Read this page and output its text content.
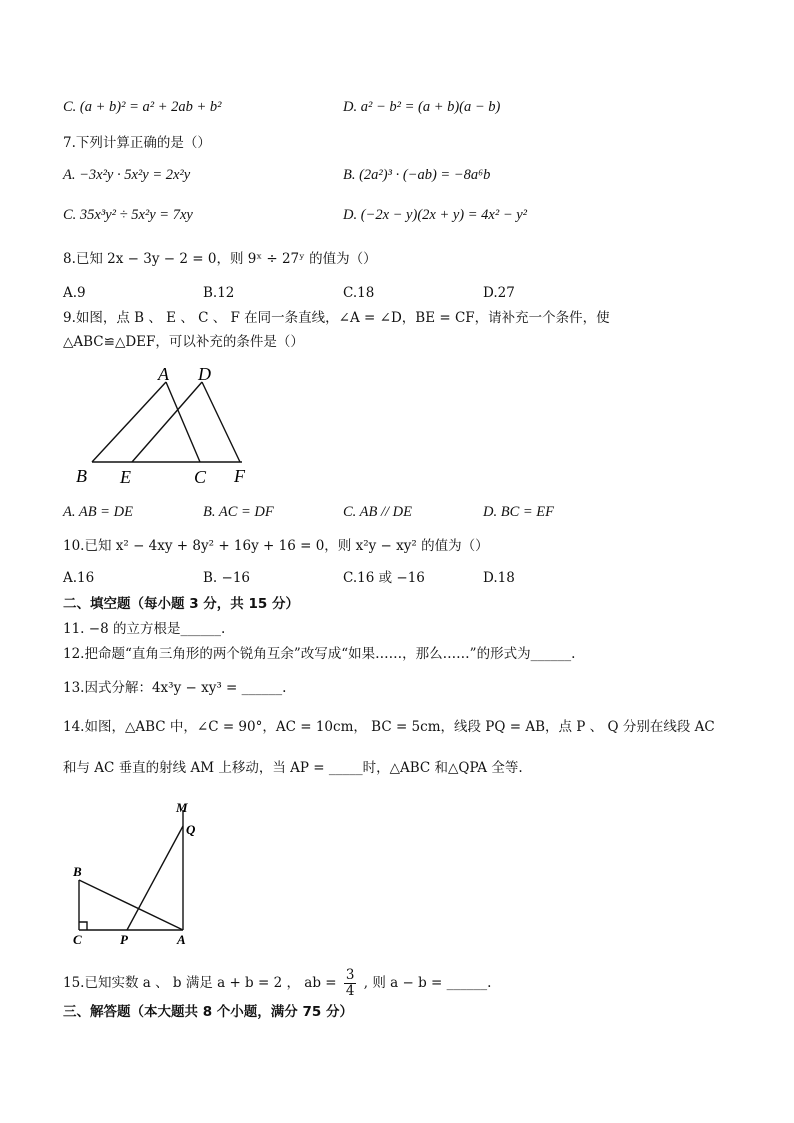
C. (a + b)² = a² + 2ab + b²	D. a² − b² = (a + b)(a − b)
7.下列计算正确的是（）
A. −3x²y · 5x²y = 2x²y	B. (2a²)³ · (−ab) = −8a⁶b
C. 35x³y² ÷ 5x²y = 7xy	D. (−2x − y)(2x + y) = 4x² − y²
8.已知 2x − 3y − 2 = 0，则 9ˣ ÷ 27ʸ 的值为（）
A.9	B.12	C.18	D.27
9.如图，点 B 、 E 、 C 、 F 在同一条直线，∠A = ∠D，BE = CF，请补充一个条件，使
△ABC≌△DEF，可以补充的条件是（）
A D
B E	C F
A. AB = DE	B. AC = DF	C. AB // DE	D. BC = EF
10.已知 x² − 4xy + 8y² + 16y + 16 = 0，则 x²y − xy² 的值为（）
A.16	B. −16	C.16 或 −16	D.18
二、填空题（每小题 3 分，共 15 分）
11. −8 的立方根是______.
12.把命题“直角三角形的两个锐角互余”改写成“如果……，那么……”的形式为______.
13.因式分解：4x³y − xy³ = ______.
14.如图，△ABC 中，∠C = 90°，AC = 10cm， BC = 5cm，线段 PQ = AB，点 P 、 Q 分别在线段 AC
和与 AC 垂直的射线 AM 上移动，当 AP = _____时，△ABC 和△QPA 全等.
M
Q
B
C	P	A
15.已知实数 a 、 b 满足 a + b = 2 ， ab = $\frac{3}{4}$ , 则 a − b = ______.
三、解答题（本大题共 8 个小题，满分 75 分）
